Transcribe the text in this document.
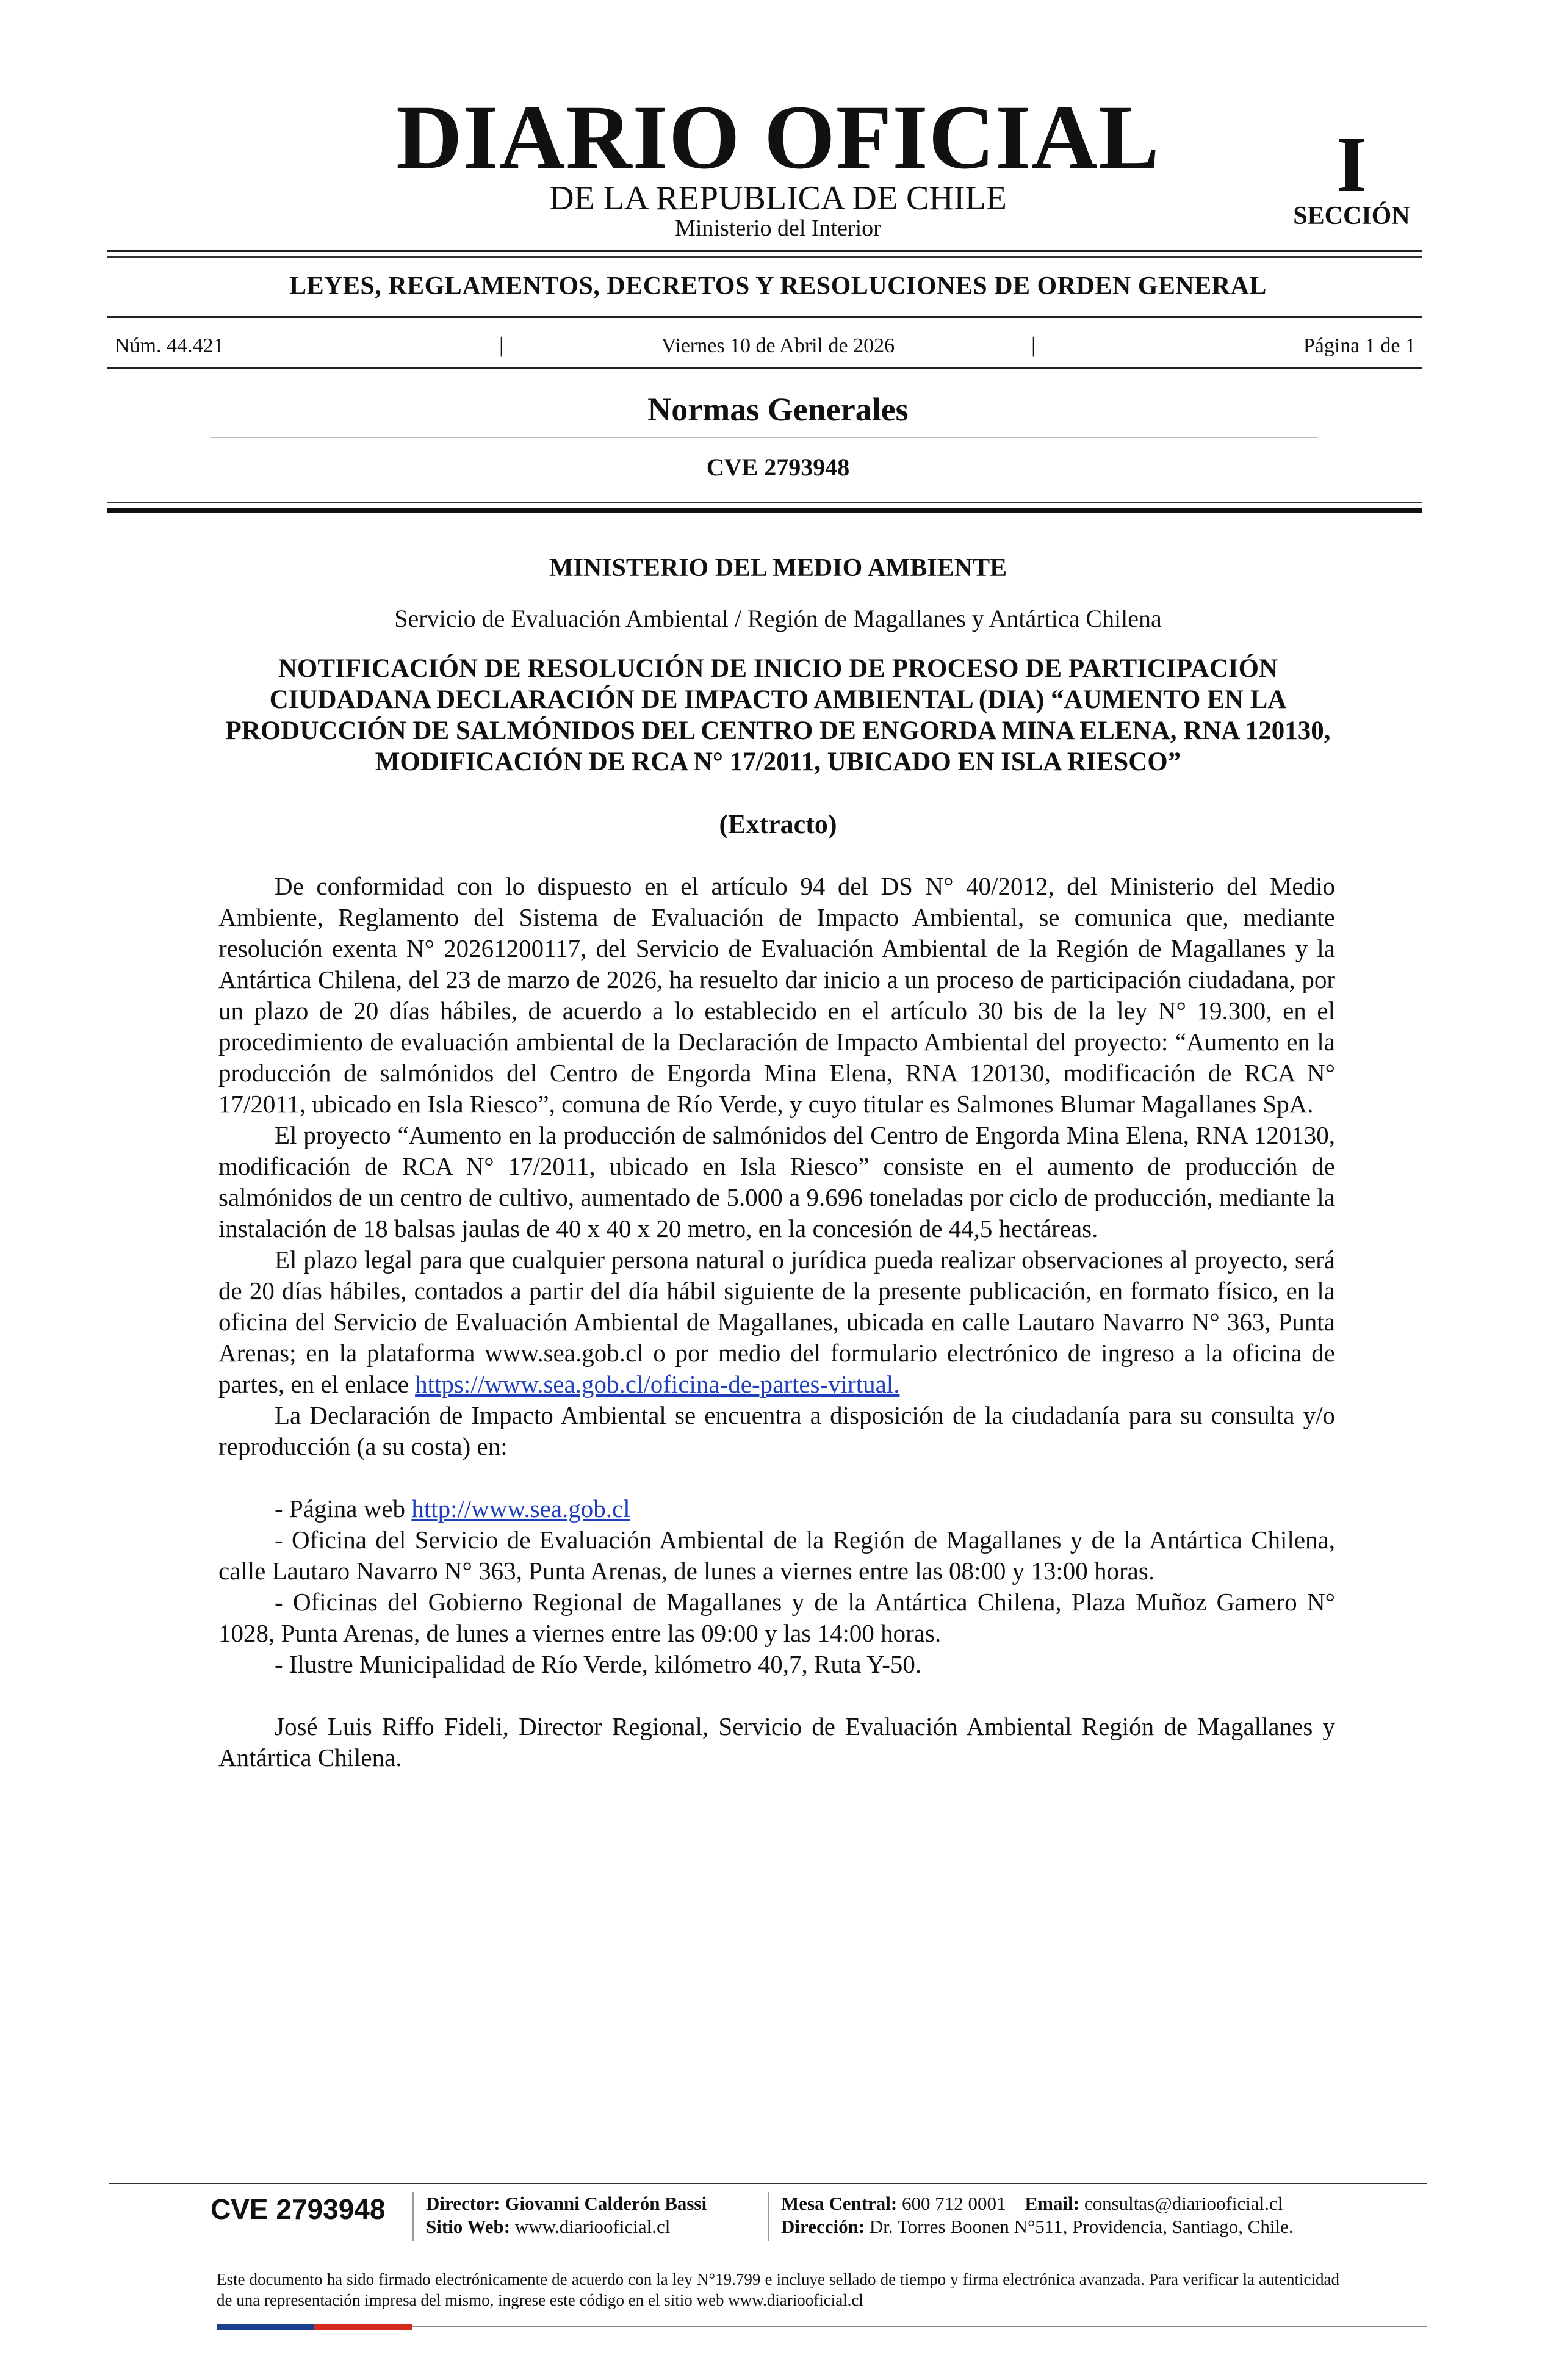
DIARIO OFICIAL
DE LA REPUBLICA DE CHILE
Ministerio del Interior
I
SECCIÓN
LEYES, REGLAMENTOS, DECRETOS Y RESOLUCIONES DE ORDEN GENERAL
Núm. 44.421	|	Viernes 10 de Abril de 2026	|	Página 1 de 1
Normas Generales
CVE 2793948
MINISTERIO DEL MEDIO AMBIENTE
Servicio de Evaluación Ambiental / Región de Magallanes y Antártica Chilena
NOTIFICACIÓN DE RESOLUCIÓN DE INICIO DE PROCESO DE PARTICIPACIÓN CIUDADANA DECLARACIÓN DE IMPACTO AMBIENTAL (DIA) “AUMENTO EN LA PRODUCCIÓN DE SALMÓNIDOS DEL CENTRO DE ENGORDA MINA ELENA, RNA 120130, MODIFICACIÓN DE RCA N° 17/2011, UBICADO EN ISLA RIESCO”
(Extracto)

De conformidad con lo dispuesto en el artículo 94 del DS N° 40/2012, del Ministerio del Medio Ambiente, Reglamento del Sistema de Evaluación de Impacto Ambiental, se comunica que, mediante resolución exenta N° 20261200117, del Servicio de Evaluación Ambiental de la Región de Magallanes y la Antártica Chilena, del 23 de marzo de 2026, ha resuelto dar inicio a un proceso de participación ciudadana, por un plazo de 20 días hábiles, de acuerdo a lo establecido en el artículo 30 bis de la ley N° 19.300, en el procedimiento de evaluación ambiental de la Declaración de Impacto Ambiental del proyecto: “Aumento en la producción de salmónidos del Centro de Engorda Mina Elena, RNA 120130, modificación de RCA N° 17/2011, ubicado en Isla Riesco”, comuna de Río Verde, y cuyo titular es Salmones Blumar Magallanes SpA.

El proyecto “Aumento en la producción de salmónidos del Centro de Engorda Mina Elena, RNA 120130, modificación de RCA N° 17/2011, ubicado en Isla Riesco” consiste en el aumento de producción de salmónidos de un centro de cultivo, aumentado de 5.000 a 9.696 toneladas por ciclo de producción, mediante la instalación de 18 balsas jaulas de 40 x 40 x 20 metro, en la concesión de 44,5 hectáreas.

El plazo legal para que cualquier persona natural o jurídica pueda realizar observaciones al proyecto, será de 20 días hábiles, contados a partir del día hábil siguiente de la presente publicación, en formato físico, en la oficina del Servicio de Evaluación Ambiental de Magallanes, ubicada en calle Lautaro Navarro N° 363, Punta Arenas; en la plataforma www.sea.gob.cl o por medio del formulario electrónico de ingreso a la oficina de partes, en el enlace https://www.sea.gob.cl/oficina-de-partes-virtual.

La Declaración de Impacto Ambiental se encuentra a disposición de la ciudadanía para su consulta y/o reproducción (a su costa) en:

- Página web http://www.sea.gob.cl

- Oficina del Servicio de Evaluación Ambiental de la Región de Magallanes y de la Antártica Chilena, calle Lautaro Navarro N° 363, Punta Arenas, de lunes a viernes entre las 08:00 y 13:00 horas.

- Oficinas del Gobierno Regional de Magallanes y de la Antártica Chilena, Plaza Muñoz Gamero N° 1028, Punta Arenas, de lunes a viernes entre las 09:00 y las 14:00 horas.

- Ilustre Municipalidad de Río Verde, kilómetro 40,7, Ruta Y-50.

José Luis Riffo Fideli, Director Regional, Servicio de Evaluación Ambiental Región de Magallanes y Antártica Chilena.

CVE 2793948 Director: Giovanni Calderón Bassi
Sitio Web: www.diariooficial.cl
Mesa Central: 600 712 0001 Email: consultas@diariooficial.cl
Dirección: Dr. Torres Boonen N°511, Providencia, Santiago, Chile.
Este documento ha sido firmado electrónicamente de acuerdo con la ley N°19.799 e incluye sellado de tiempo y firma electrónica avanzada. Para verificar la autenticidad de una representación impresa del mismo, ingrese este código en el sitio web www.diariooficial.cl
